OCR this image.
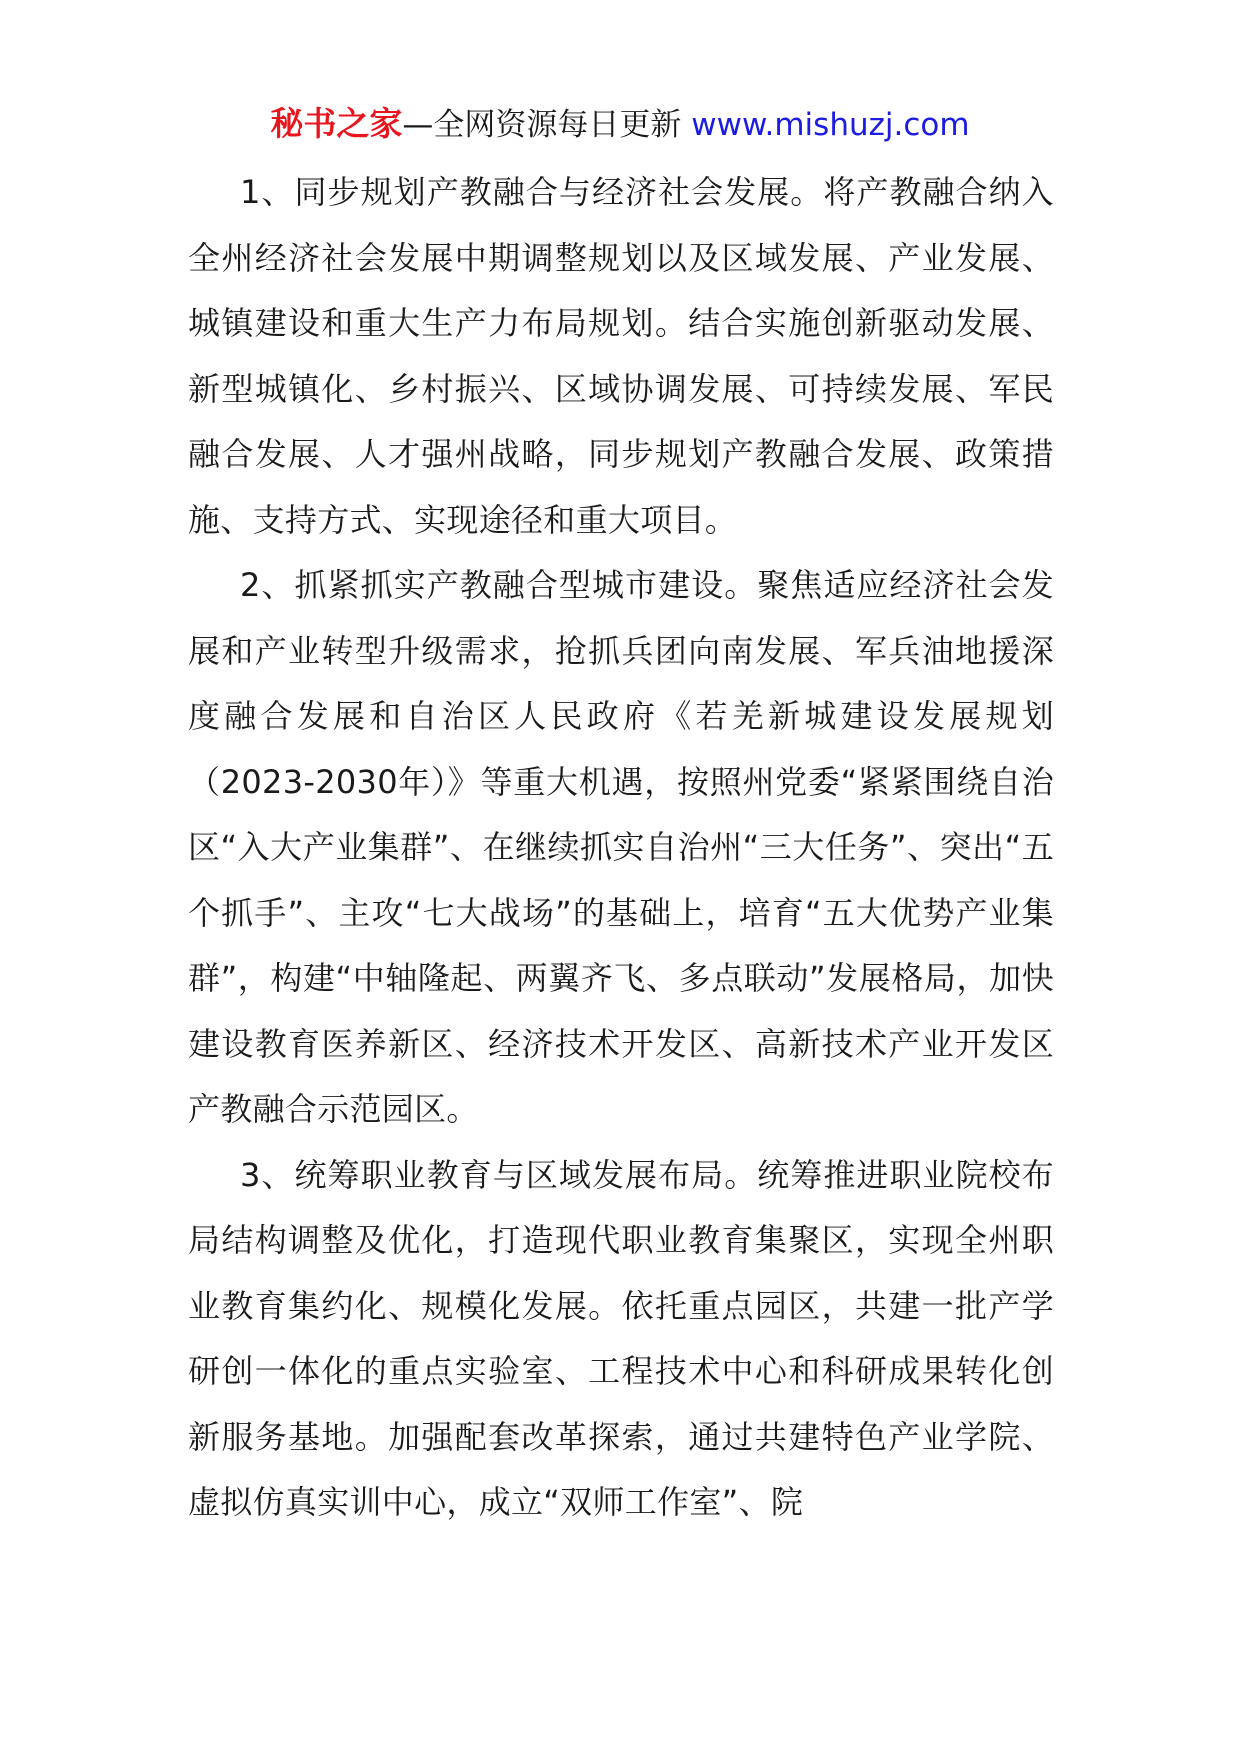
秘书之家—全网资源每日更新 www.mishuzj.com

1、同步规划产教融合与经济社会发展。将产教融合纳入全州经济社会发展中期调整规划以及区域发展、产业发展、城镇建设和重大生产力布局规划。结合实施创新驱动发展、新型城镇化、乡村振兴、区域协调发展、可持续发展、军民融合发展、人才强州战略，同步规划产教融合发展、政策措施、支持方式、实现途径和重大项目。

2、抓紧抓实产教融合型城市建设。聚焦适应经济社会发展和产业转型升级需求，抢抓兵团向南发展、军兵油地援深度融合发展和自治区人民政府《若羌新城建设发展规划（2023-2030年）》等重大机遇，按照州党委“紧紧围绕自治区“入大产业集群”、在继续抓实自治州“三大任务”、突出“五个抓手”、主攻“七大战场”的基础上，培育“五大优势产业集群”，构建“中轴隆起、两翼齐飞、多点联动”发展格局，加快建设教育医养新区、经济技术开发区、高新技术产业开发区产教融合示范园区。

3、统筹职业教育与区域发展布局。统筹推进职业院校布局结构调整及优化，打造现代职业教育集聚区，实现全州职业教育集约化、规模化发展。依托重点园区，共建一批产学研创一体化的重点实验室、工程技术中心和科研成果转化创新服务基地。加强配套改革探索，通过共建特色产业学院、虚拟仿真实训中心，成立“双师工作室”、院
